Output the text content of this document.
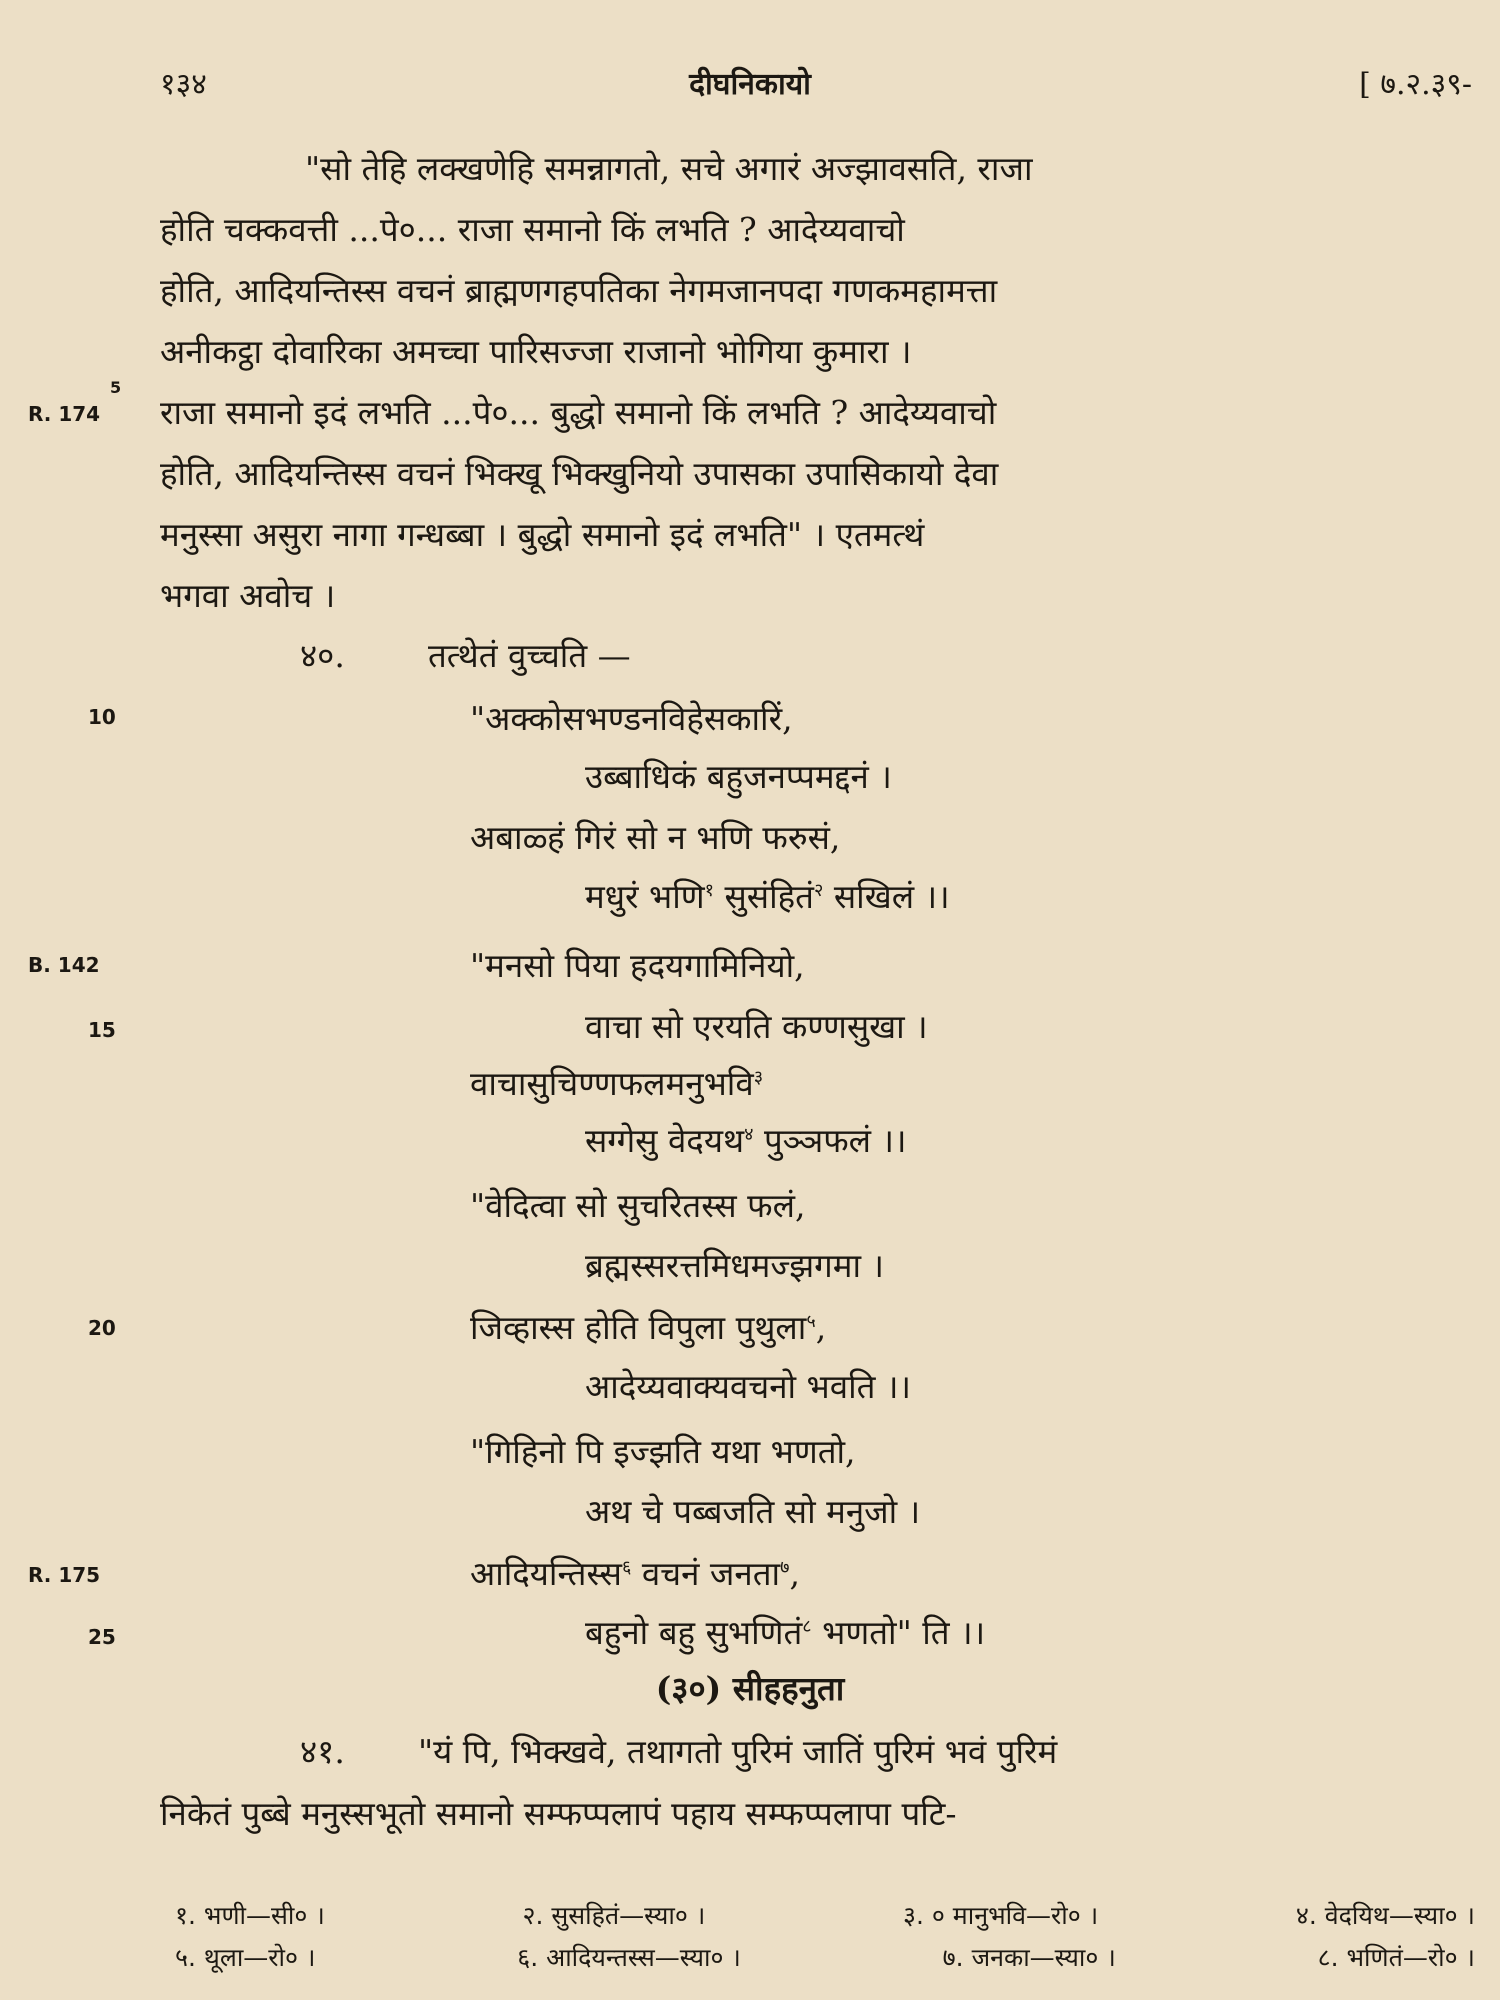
१३४	दीघनिकायो	[ ७.२.३९-
R. 174
5
10
B. 142
15
20
R. 175
25
"सो तेहि लक्खणेहि समन्नागतो, सचे अगारं अज्झावसति, राजा
होति चक्कवत्ती ...पे०... राजा समानो किं लभति ? आदेय्यवाचो
होति, आदियन्तिस्स वचनं ब्राह्मणगहपतिका नेगमजानपदा गणकमहामत्ता
अनीकट्ठा दोवारिका अमच्चा पारिसज्जा राजानो भोगिया कुमारा ।
राजा समानो इदं लभति ...पे०... बुद्धो समानो किं लभति ? आदेय्यवाचो
होति, आदियन्तिस्स वचनं भिक्खू भिक्खुनियो उपासका उपासिकायो देवा
मनुस्सा असुरा नागा गन्धब्बा । बुद्धो समानो इदं लभति" । एतमत्थं
भगवा अवोच ।
४०.	तत्थेतं वुच्चति —
"अक्कोसभण्डनविहेसकारिं,
उब्बाधिकं बहुजनप्पमद्दनं ।
अबाळ्हं गिरं सो न भणि फरुसं,
मधुरं भणि$^१$ सुसंहितं$^२$ सखिलं ।।
"मनसो पिया हदयगामिनियो,
वाचा सो एरयति कण्णसुखा ।
वाचासुचिण्णफलमनुभवि$^३$
सग्गेसु वेदयथ$^४$ पुञ्ञफलं ।।
"वेदित्वा सो सुचरितस्स फलं,
ब्रह्मस्सरत्तमिधमज्झगमा ।
जिव्हास्स होति विपुला पुथुला$^५$,
आदेय्यवाक्यवचनो भवति ।।
"गिहिनो पि इज्झति यथा भणतो,
अथ चे पब्बजति सो मनुजो ।
आदियन्तिस्स$^६$ वचनं जनता$^७$,
बहुनो बहु सुभणितं$^८$ भणतो" ति ।।
(३०) सीहहनुता
४१. "यं पि, भिक्खवे, तथागतो पुरिमं जातिं पुरिमं भवं पुरिमं
निकेतं पुब्बे मनुस्सभूतो समानो सम्फप्पलापं पहाय सम्फप्पलापा पटि-
१. भणी—सी० ।	२. सुसहितं—स्या० ।	३. ० मानुभवि—रो० ।	४. वेदयिथ—स्या० ।
५. थूला—रो० ।	६. आदियन्तस्स—स्या० ।	७. जनका—स्या० ।	८. भणितं—रो० ।
